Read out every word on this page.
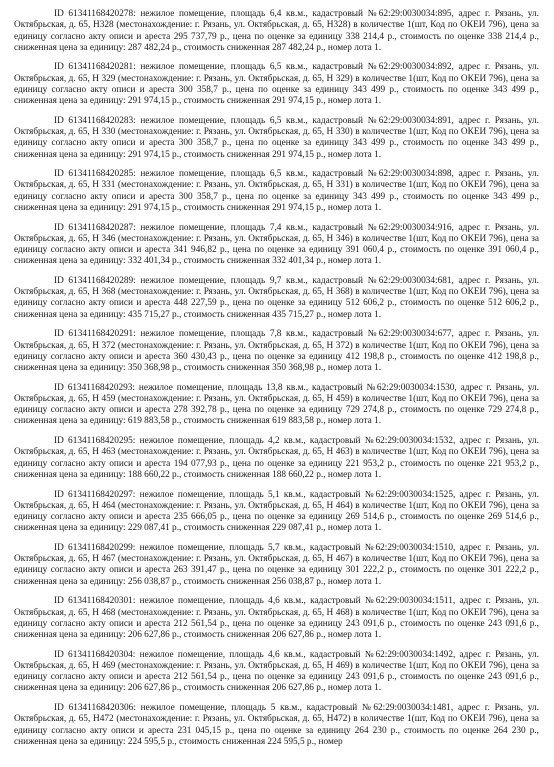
ID 61341168420278: нежилое помещение, площадь 6,4 кв.м., кадастровый №62:29:0030034:895, адрес г. Рязань, ул. Октябрьская, д. 65, Н328 (местонахождение: г. Рязань, ул. Октябрьская, д. 65, Н328) в количестве 1(шт, Код по ОКЕИ 796), цена за единицу согласно акту описи и ареста 295 737,79 р., цена по оценке за единицу 338 214,4 р., стоимость по оценке 338 214,4 р., сниженная цена за единицу: 287 482,24 р., стоимость сниженная 287 482,24 р., номер лота 1.

ID 61341168420281: нежилое помещение, площадь 6,5 кв.м., кадастровый №62:29:0030034:892, адрес г. Рязань, ул. Октябрьская, д. 65, Н 329 (местонахождение: г. Рязань, ул. Октябрьская, д. 65, Н 329) в количестве 1(шт, Код по ОКЕИ 796), цена за единицу согласно акту описи и ареста 300 358,7 р., цена по оценке за единицу 343 499 р., стоимость по оценке 343 499 р., сниженная цена за единицу: 291 974,15 р., стоимость сниженная 291 974,15 р., номер лота 1.

ID 61341168420283: нежилое помещение, площадь 6,5 кв.м., кадастровый №62:29:0030034:891, адрес г. Рязань, ул. Октябрьская, д. 65, Н 330 (местонахождение: г. Рязань, ул. Октябрьская, д. 65, Н 330) в количестве 1(шт, Код по ОКЕИ 796), цена за единицу согласно акту описи и ареста 300 358,7 р., цена по оценке за единицу 343 499 р., стоимость по оценке 343 499 р., сниженная цена за единицу: 291 974,15 р., стоимость сниженная 291 974,15 р., номер лота 1.

ID 61341168420285: нежилое помещение, площадь 6,5 кв.м., кадастровый №62:29:0030034:898, адрес г. Рязань, ул. Октябрьская, д. 65, Н 331 (местонахождение: г. Рязань, ул. Октябрьская, д. 65, Н 331) в количестве 1(шт, Код по ОКЕИ 796), цена за единицу согласно акту описи и ареста 300 358,7 р., цена по оценке за единицу 343 499 р., стоимость по оценке 343 499 р., сниженная цена за единицу: 291 974,15 р., стоимость сниженная 291 974,15 р., номер лота 1.

ID 61341168420287: нежилое помещение, площадь 7,4 кв.м., кадастровый №62:29:0030034:916, адрес г. Рязань, ул. Октябрьская, д. 65, Н 346 (местонахождение: г. Рязань, ул. Октябрьская, д. 65, Н 346) в количестве 1(шт, Код по ОКЕИ 796), цена за единицу согласно акту описи и ареста 341 946,82 р., цена по оценке за единицу 391 060,4 р., стоимость по оценке 391 060,4 р., сниженная цена за единицу: 332 401,34 р., стоимость сниженная 332 401,34 р., номер лота 1.

ID 61341168420289: нежилое помещение, площадь 9,7 кв.м., кадастровый №62:29:0030034:681, адрес г. Рязань, ул. Октябрьская, д. 65, Н 368 (местонахождение: г. Рязань, ул. Октябрьская, д. 65, Н 368) в количестве 1(шт, Код по ОКЕИ 796), цена за единицу согласно акту описи и ареста 448 227,59 р., цена по оценке за единицу 512 606,2 р., стоимость по оценке 512 606,2 р., сниженная цена за единицу: 435 715,27 р., стоимость сниженная 435 715,27 р., номер лота 1.

ID 61341168420291: нежилое помещение, площадь 7,8 кв.м., кадастровый №62:29:0030034:677, адрес г. Рязань, ул. Октябрьская, д. 65, Н 372 (местонахождение: г. Рязань, ул. Октябрьская, д. 65, Н 372) в количестве 1(шт, Код по ОКЕИ 796), цена за единицу согласно акту описи и ареста 360 430,43 р., цена по оценке за единицу 412 198,8 р., стоимость по оценке 412 198,8 р., сниженная цена за единицу: 350 368,98 р., стоимость сниженная 350 368,98 р., номер лота 1.

ID 61341168420293: нежилое помещение, площадь 13,8 кв.м., кадастровый №62:29:0030034:1530, адрес г. Рязань, ул. Октябрьская, д. 65, Н 459 (местонахождение: г. Рязань, ул. Октябрьская, д. 65, Н 459) в количестве 1(шт, Код по ОКЕИ 796), цена за единицу согласно акту описи и ареста 278 392,78 р., цена по оценке за единицу 729 274,8 р., стоимость по оценке 729 274,8 р., сниженная цена за единицу: 619 883,58 р., стоимость сниженная 619 883,58 р., номер лота 1.

ID 61341168420295: нежилое помещение, площадь 4,2 кв.м., кадастровый №62:29:0030034:1532, адрес г. Рязань, ул. Октябрьская, д. 65, Н 463 (местонахождение: г. Рязань, ул. Октябрьская, д. 65, Н 463) в количестве 1(шт, Код по ОКЕИ 796), цена за единицу согласно акту описи и ареста 194 077,93 р., цена по оценке за единицу 221 953,2 р., стоимость по оценке 221 953,2 р., сниженная цена за единицу: 188 660,22 р., стоимость сниженная 188 660,22 р., номер лота 1.

ID 61341168420297: нежилое помещение, площадь 5,1 кв.м., кадастровый №62:29:0030034:1525, адрес г. Рязань, ул. Октябрьская, д. 65, Н 464 (местонахождение: г. Рязань, ул. Октябрьская, д. 65, Н 464) в количестве 1(шт, Код по ОКЕИ 796), цена за единицу согласно акту описи и ареста 235 666,05 р., цена по оценке за единицу 269 514,6 р., стоимость по оценке 269 514,6 р., сниженная цена за единицу: 229 087,41 р., стоимость сниженная 229 087,41 р., номер лота 1.

ID 61341168420299: нежилое помещение, площадь 5,7 кв.м., кадастровый №62:29:0030034:1510, адрес г. Рязань, ул. Октябрьская, д. 65, Н 467 (местонахождение: г. Рязань, ул. Октябрьская, д. 65, Н 467) в количестве 1(шт, Код по ОКЕИ 796), цена за единицу согласно акту описи и ареста 263 391,47 р., цена по оценке за единицу 301 222,2 р., стоимость по оценке 301 222,2 р., сниженная цена за единицу: 256 038,87 р., стоимость сниженная 256 038,87 р., номер лота 1.

ID 61341168420301: нежилое помещение, площадь 4,6 кв.м., кадастровый №62:29:0030034:1511, адрес г. Рязань, ул. Октябрьская, д. 65, Н 468 (местонахождение: г. Рязань, ул. Октябрьская, д. 65, Н 468) в количестве 1(шт, Код по ОКЕИ 796), цена за единицу согласно акту описи и ареста 212 561,54 р., цена по оценке за единицу 243 091,6 р., стоимость по оценке 243 091,6 р., сниженная цена за единицу: 206 627,86 р., стоимость сниженная 206 627,86 р., номер лота 1.

ID 61341168420304: нежилое помещение, площадь 4,6 кв.м., кадастровый №62:29:0030034:1492, адрес г. Рязань, ул. Октябрьская, д. 65, Н 469 (местонахождение: г. Рязань, ул. Октябрьская, д. 65, Н 469) в количестве 1(шт, Код по ОКЕИ 796), цена за единицу согласно акту описи и ареста 212 561,54 р., цена по оценке за единицу 243 091,6 р., стоимость по оценке 243 091,6 р., сниженная цена за единицу: 206 627,86 р., стоимость сниженная 206 627,86 р., номер лота 1.

ID 61341168420306: нежилое помещение, площадь 5 кв.м., кадастровый №62:29:0030034:1481, адрес г. Рязань, ул. Октябрьская, д. 65, Н472 (местонахождение: г. Рязань, ул. Октябрьская, д. 65, Н472) в количестве 1(шт, Код по ОКЕИ 796), цена за единицу согласно акту описи и ареста 231 045,15 р., цена по оценке за единицу 264 230 р., стоимость по оценке 264 230 р., сниженная цена за единицу: 224 595,5 р., стоимость сниженная 224 595,5 р., номер
